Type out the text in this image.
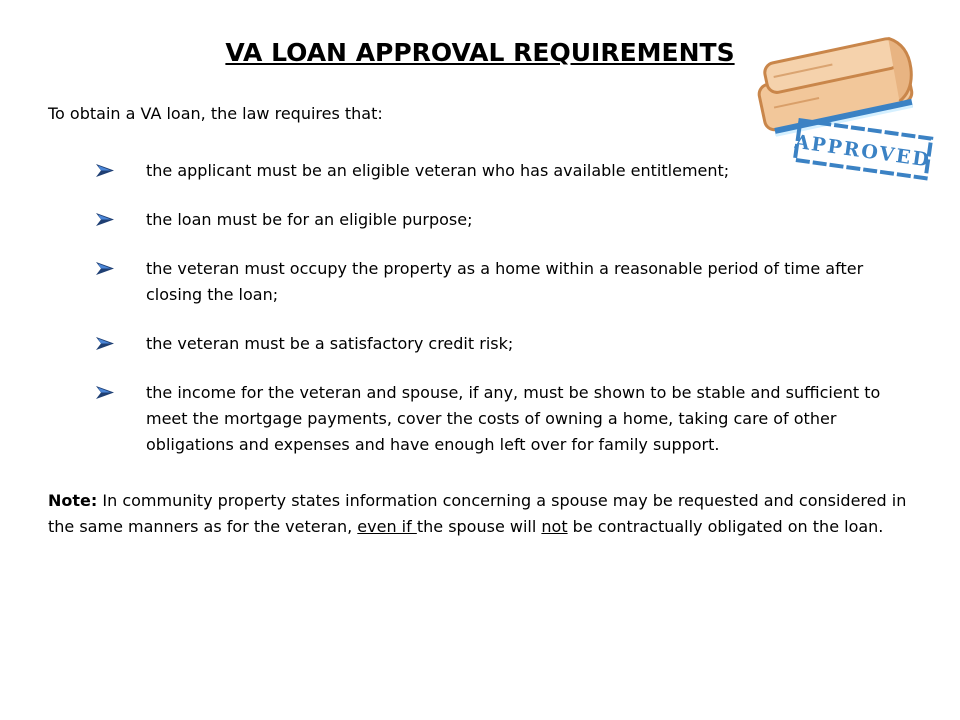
VA LOAN APPROVAL REQUIREMENTS
APPROVED
To obtain a VA loan, the law requires that:
the applicant must be an eligible veteran who has available entitlement;
the loan must be for an eligible purpose;
the veteran must occupy the property as a home within a reasonable period of time after closing the loan;
the veteran must be a satisfactory credit risk;
the income for the veteran and spouse, if any, must be shown to be stable and sufficient to meet the mortgage payments, cover the costs of owning a home, taking care of other obligations and expenses and have enough left over for family support.
Note: In community property states information concerning a spouse may be requested and considered in the same manners as for the veteran, even if the spouse will not be contractually obligated on the loan.
